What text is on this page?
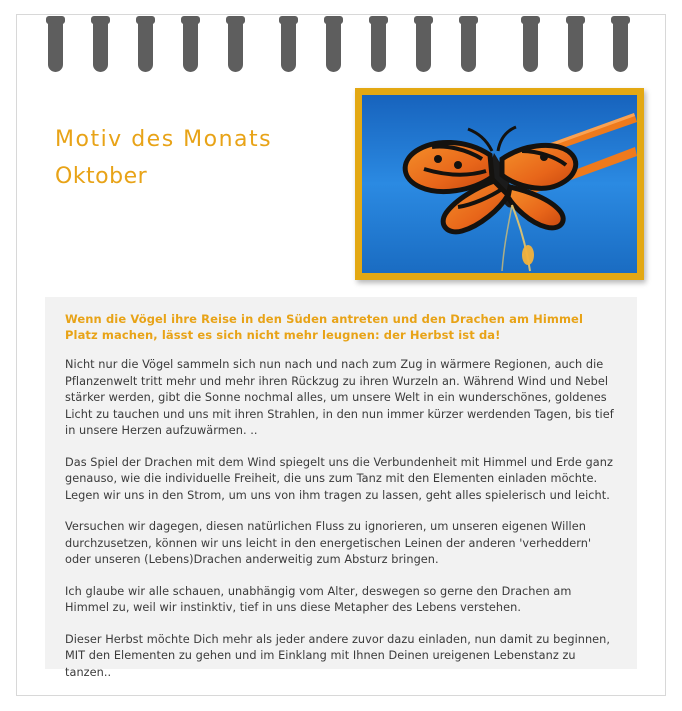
Motiv des Monats
Oktober

Wenn die Vögel ihre Reise in den Süden antreten und den Drachen am Himmel Platz machen, lässt es sich nicht mehr leugnen: der Herbst ist da!

Nicht nur die Vögel sammeln sich nun nach und nach zum Zug in wärmere Regionen, auch die Pflanzenwelt tritt mehr und mehr ihren Rückzug zu ihren Wurzeln an. Während Wind und Nebel stärker werden, gibt die Sonne nochmal alles, um unsere Welt in ein wunderschönes, goldenes Licht zu tauchen und uns mit ihren Strahlen, in den nun immer kürzer werdenden Tagen, bis tief in unsere Herzen aufzuwärmen. ..

Das Spiel der Drachen mit dem Wind spiegelt uns die Verbundenheit mit Himmel und Erde ganz genauso, wie die individuelle Freiheit, die uns zum Tanz mit den Elementen einladen möchte. Legen wir uns in den Strom, um uns von ihm tragen zu lassen, geht alles spielerisch und leicht.

Versuchen wir dagegen, diesen natürlichen Fluss zu ignorieren, um unseren eigenen Willen durchzusetzen, können wir uns leicht in den energetischen Leinen der anderen 'verheddern' oder unseren (Lebens)Drachen anderweitig zum Absturz bringen.

Ich glaube wir alle schauen, unabhängig vom Alter, deswegen so gerne den Drachen am Himmel zu, weil wir instinktiv, tief in uns diese Metapher des Lebens verstehen.

Dieser Herbst möchte Dich mehr als jeder andere zuvor dazu einladen, nun damit zu beginnen, MIT den Elementen zu gehen und im Einklang mit Ihnen Deinen ureigenen Lebenstanz zu tanzen..
